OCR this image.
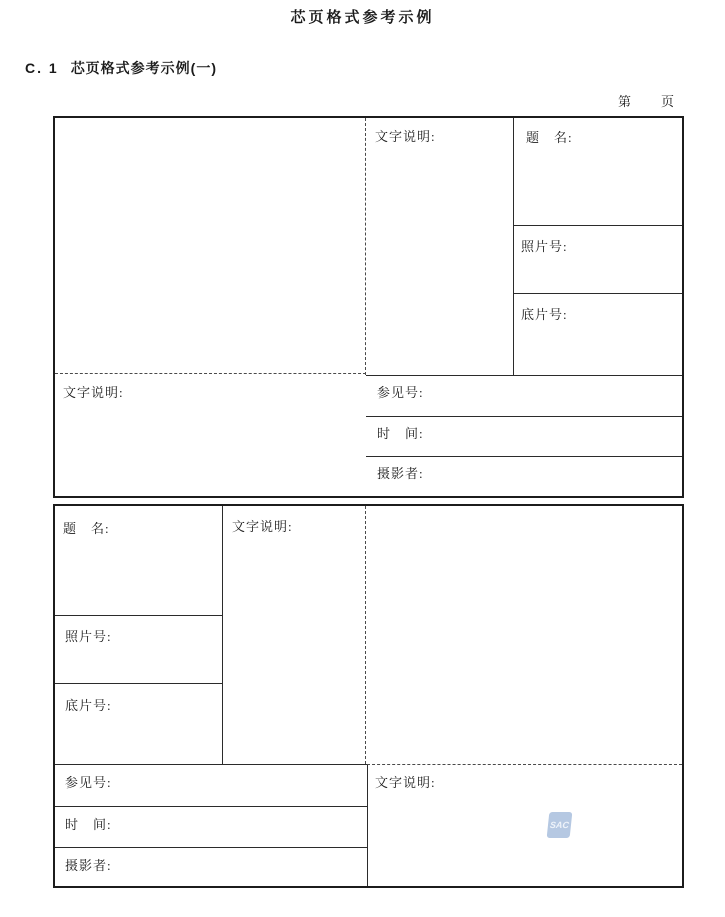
芯页格式参考示例
C. 1 芯页格式参考示例(一)
第 页
文字说明:	题　名:
照片号:
底片号:
文字说明:	参见号:
时　间:
摄影者:
题　名:	文字说明:
照片号:
底片号:
参见号:
时　间:
摄影者:
文字说明:
SAC
